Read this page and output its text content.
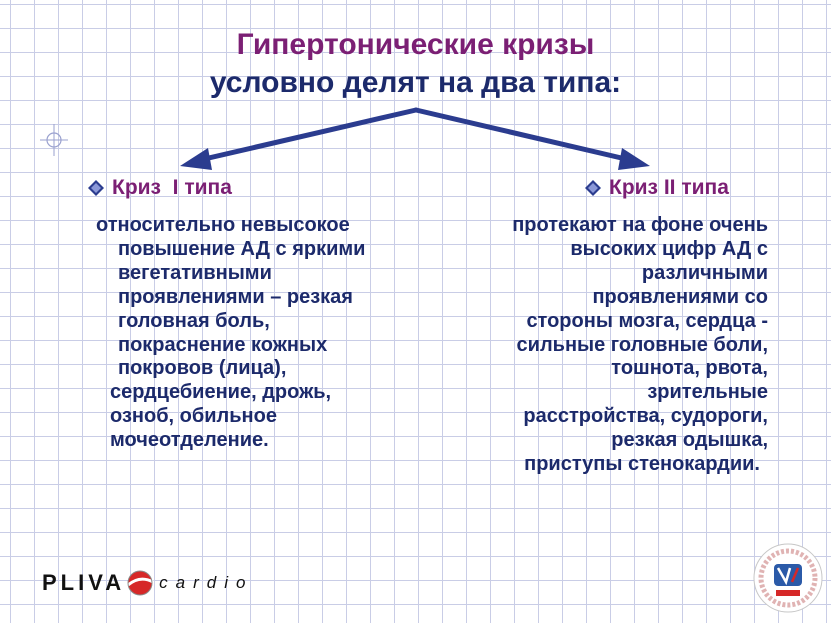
Гипертонические кризы
условно делят на два типа:
Криз  I типа	Криз II типа
относительно невысокое
повышение АД с яркими
вегетативными
проявлениями – резкая
головная боль,
покраснение кожных
покровов (лица),
сердцебиение, дрожь,
озноб, обильное
мочеотделение.
протекают на фоне очень
высоких цифр АД с
различными
проявлениями со
стороны мозга, сердца -
сильные головные боли,
тошнота, рвота,
зрительные
расстройства, судороги,
резкая одышка,
приступы стенокардии.
PLIVA cardio
